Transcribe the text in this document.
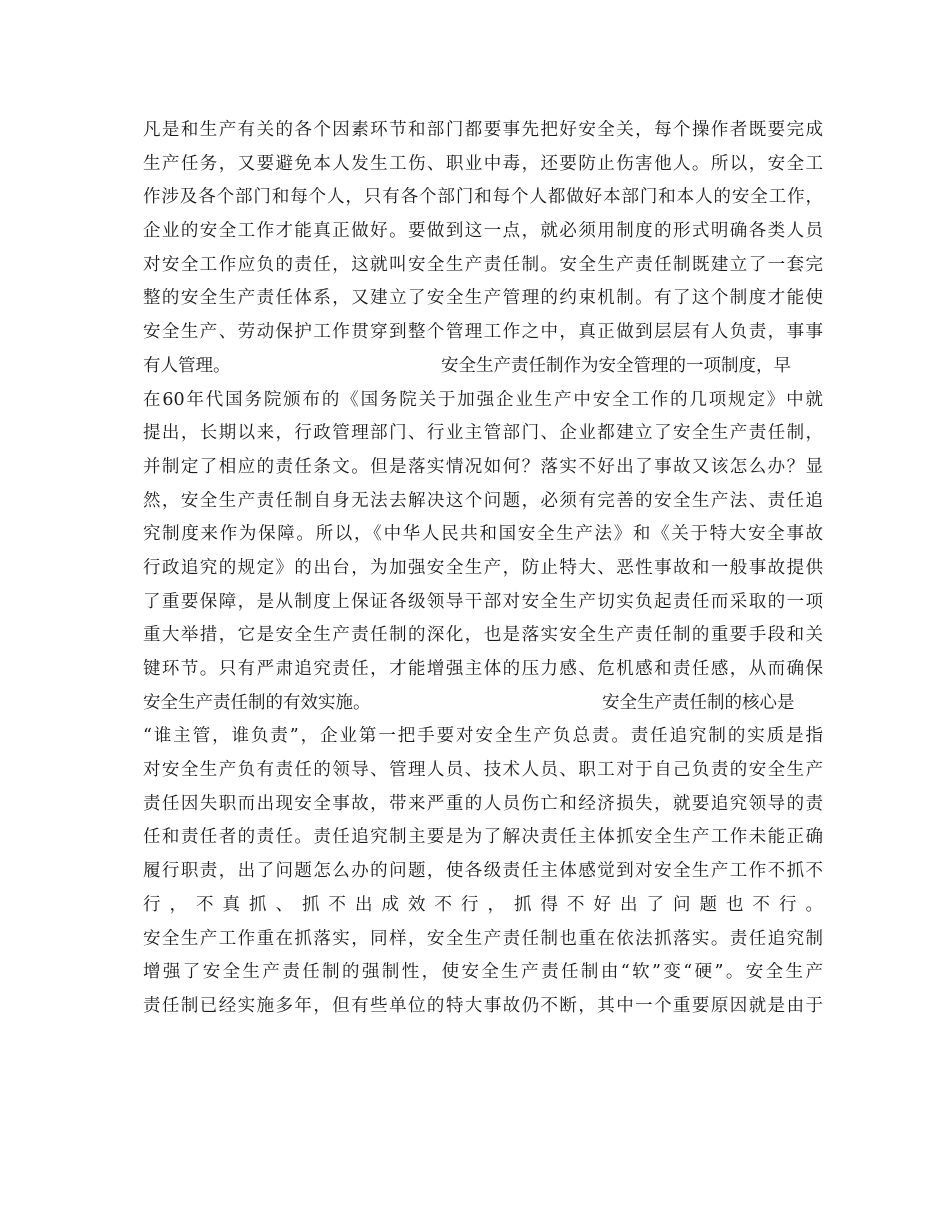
凡是和生产有关的各个因素环节和部门都要事先把好安全关，每个操作者既要完成
生产任务，又要避免本人发生工伤、职业中毒，还要防止伤害他人。所以，安全工
作涉及各个部门和每个人，只有各个部门和每个人都做好本部门和本人的安全工作，
企业的安全工作才能真正做好。要做到这一点，就必须用制度的形式明确各类人员
对安全工作应负的责任，这就叫安全生产责任制。安全生产责任制既建立了一套完
整的安全生产责任体系，又建立了安全生产管理的约束机制。有了这个制度才能使
安全生产、劳动保护工作贯穿到整个管理工作之中，真正做到层层有人负责，事事
有人管理。	安全生产责任制作为安全管理的一项制度，早
在60年代国务院颁布的《国务院关于加强企业生产中安全工作的几项规定》中就
提出，长期以来，行政管理部门、行业主管部门、企业都建立了安全生产责任制，
并制定了相应的责任条文。但是落实情况如何？落实不好出了事故又该怎么办？显
然，安全生产责任制自身无法去解决这个问题，必须有完善的安全生产法、责任追
究制度来作为保障。所以，《中华人民共和国安全生产法》和《关于特大安全事故
行政追究的规定》的出台，为加强安全生产，防止特大、恶性事故和一般事故提供
了重要保障，是从制度上保证各级领导干部对安全生产切实负起责任而采取的一项
重大举措，它是安全生产责任制的深化，也是落实安全生产责任制的重要手段和关
键环节。只有严肃追究责任，才能增强主体的压力感、危机感和责任感，从而确保
安全生产责任制的有效实施。	安全生产责任制的核心是
“谁主管，谁负责”，企业第一把手要对安全生产负总责。责任追究制的实质是指
对安全生产负有责任的领导、管理人员、技术人员、职工对于自己负责的安全生产
责任因失职而出现安全事故，带来严重的人员伤亡和经济损失，就要追究领导的责
任和责任者的责任。责任追究制主要是为了解决责任主体抓安全生产工作未能正确
履行职责，出了问题怎么办的问题，使各级责任主体感觉到对安全生产工作不抓不
行 ， 不 真 抓 、 抓 不 出 成 效 不 行 ， 抓 得 不 好 出 了 问 题 也 不 行 。
安全生产工作重在抓落实，同样，安全生产责任制也重在依法抓落实。责任追究制
增强了安全生产责任制的强制性，使安全生产责任制由“软”变“硬”。安全生产
责任制已经实施多年，但有些单位的特大事故仍不断，其中一个重要原因就是由于
